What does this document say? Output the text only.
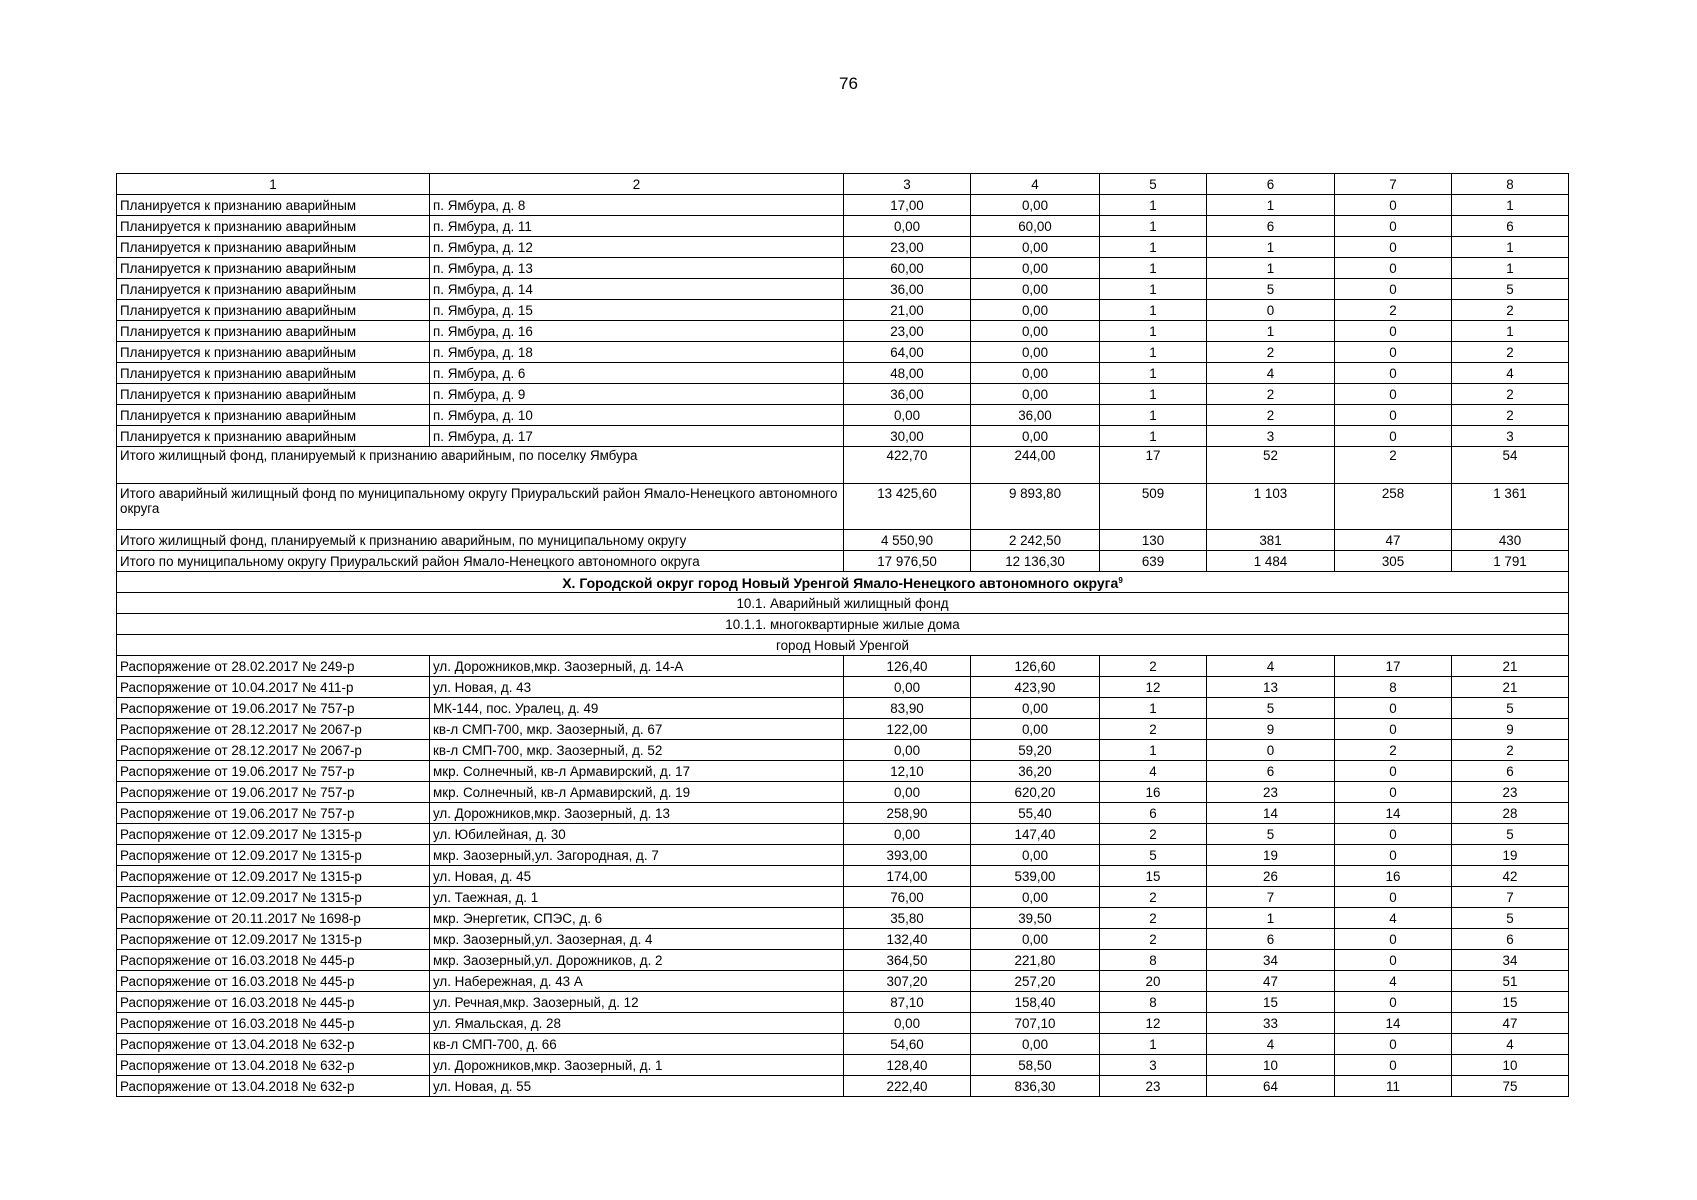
76
1	2	3	4	5	6	7	8
Планируется к признанию аварийным	п. Ямбура, д. 8	17,00	0,00	1	1	0	1
Планируется к признанию аварийным	п. Ямбура, д. 11	0,00	60,00	1	6	0	6
Планируется к признанию аварийным	п. Ямбура, д. 12	23,00	0,00	1	1	0	1
Планируется к признанию аварийным	п. Ямбура, д. 13	60,00	0,00	1	1	0	1
Планируется к признанию аварийным	п. Ямбура, д. 14	36,00	0,00	1	5	0	5
Планируется к признанию аварийным	п. Ямбура, д. 15	21,00	0,00	1	0	2	2
Планируется к признанию аварийным	п. Ямбура, д. 16	23,00	0,00	1	1	0	1
Планируется к признанию аварийным	п. Ямбура, д. 18	64,00	0,00	1	2	0	2
Планируется к признанию аварийным	п. Ямбура, д. 6	48,00	0,00	1	4	0	4
Планируется к признанию аварийным	п. Ямбура, д. 9	36,00	0,00	1	2	0	2
Планируется к признанию аварийным	п. Ямбура, д. 10	0,00	36,00	1	2	0	2
Планируется к признанию аварийным	п. Ямбура, д. 17	30,00	0,00	1	3	0	3
Итого жилищный фонд, планируемый к признанию аварийным, по поселку Ямбура		422,70	244,00	17	52	2	54
Итого аварийный жилищный фонд по муниципальному округу Приуральский район Ямало-Ненецкого автономного округа		13 425,60	9 893,80	509	1 103	258	1 361
Итого жилищный фонд, планируемый к признанию аварийным, по муниципальному округу		4 550,90	2 242,50	130	381	47	430
Итого по муниципальному округу Приуральский район Ямало-Ненецкого автономного округа		17 976,50	12 136,30	639	1 484	305	1 791
X. Городской округ город Новый Уренгой Ямало-Ненецкого автономного округа$^9$
10.1. Аварийный жилищный фонд							
10.1.1. многоквартирные жилые дома							
город Новый Уренгой							
Распоряжение от 28.02.2017 № 249-р	ул. Дорожников,мкр. Заозерный, д. 14-А	126,40	126,60	2	4	17	21
Распоряжение от 10.04.2017 № 411-р	ул. Новая, д. 43	0,00	423,90	12	13	8	21
Распоряжение от 19.06.2017 № 757-р	МК-144, пос. Уралец, д. 49	83,90	0,00	1	5	0	5
Распоряжение от 28.12.2017 № 2067-р	кв-л СМП-700, мкр. Заозерный, д. 67	122,00	0,00	2	9	0	9
Распоряжение от 28.12.2017 № 2067-р	кв-л СМП-700, мкр. Заозерный, д. 52	0,00	59,20	1	0	2	2
Распоряжение от 19.06.2017 № 757-р	мкр. Солнечный, кв-л Армавирский, д. 17	12,10	36,20	4	6	0	6
Распоряжение от 19.06.2017 № 757-р	мкр. Солнечный, кв-л Армавирский, д. 19	0,00	620,20	16	23	0	23
Распоряжение от 19.06.2017 № 757-р	ул. Дорожников,мкр. Заозерный, д. 13	258,90	55,40	6	14	14	28
Распоряжение от 12.09.2017 № 1315-р	ул. Юбилейная, д. 30	0,00	147,40	2	5	0	5
Распоряжение от 12.09.2017 № 1315-р	мкр. Заозерный,ул. Загородная, д. 7	393,00	0,00	5	19	0	19
Распоряжение от 12.09.2017 № 1315-р	ул. Новая, д. 45	174,00	539,00	15	26	16	42
Распоряжение от 12.09.2017 № 1315-р	ул. Таежная, д. 1	76,00	0,00	2	7	0	7
Распоряжение от 20.11.2017 № 1698-р	мкр. Энергетик, СПЭС, д. 6	35,80	39,50	2	1	4	5
Распоряжение от 12.09.2017 № 1315-р	мкр. Заозерный,ул. Заозерная, д. 4	132,40	0,00	2	6	0	6
Распоряжение от 16.03.2018 № 445-р	мкр. Заозерный,ул. Дорожников, д. 2	364,50	221,80	8	34	0	34
Распоряжение от 16.03.2018 № 445-р	ул. Набережная, д. 43 А	307,20	257,20	20	47	4	51
Распоряжение от 16.03.2018 № 445-р	ул. Речная,мкр. Заозерный, д. 12	87,10	158,40	8	15	0	15
Распоряжение от 16.03.2018 № 445-р	ул. Ямальская, д. 28	0,00	707,10	12	33	14	47
Распоряжение от 13.04.2018 № 632-р	кв-л СМП-700, д. 66	54,60	0,00	1	4	0	4
Распоряжение от 13.04.2018 № 632-р	ул. Дорожников,мкр. Заозерный, д. 1	128,40	58,50	3	10	0	10
Распоряжение от 13.04.2018 № 632-р	ул. Новая, д. 55	222,40	836,30	23	64	11	75
